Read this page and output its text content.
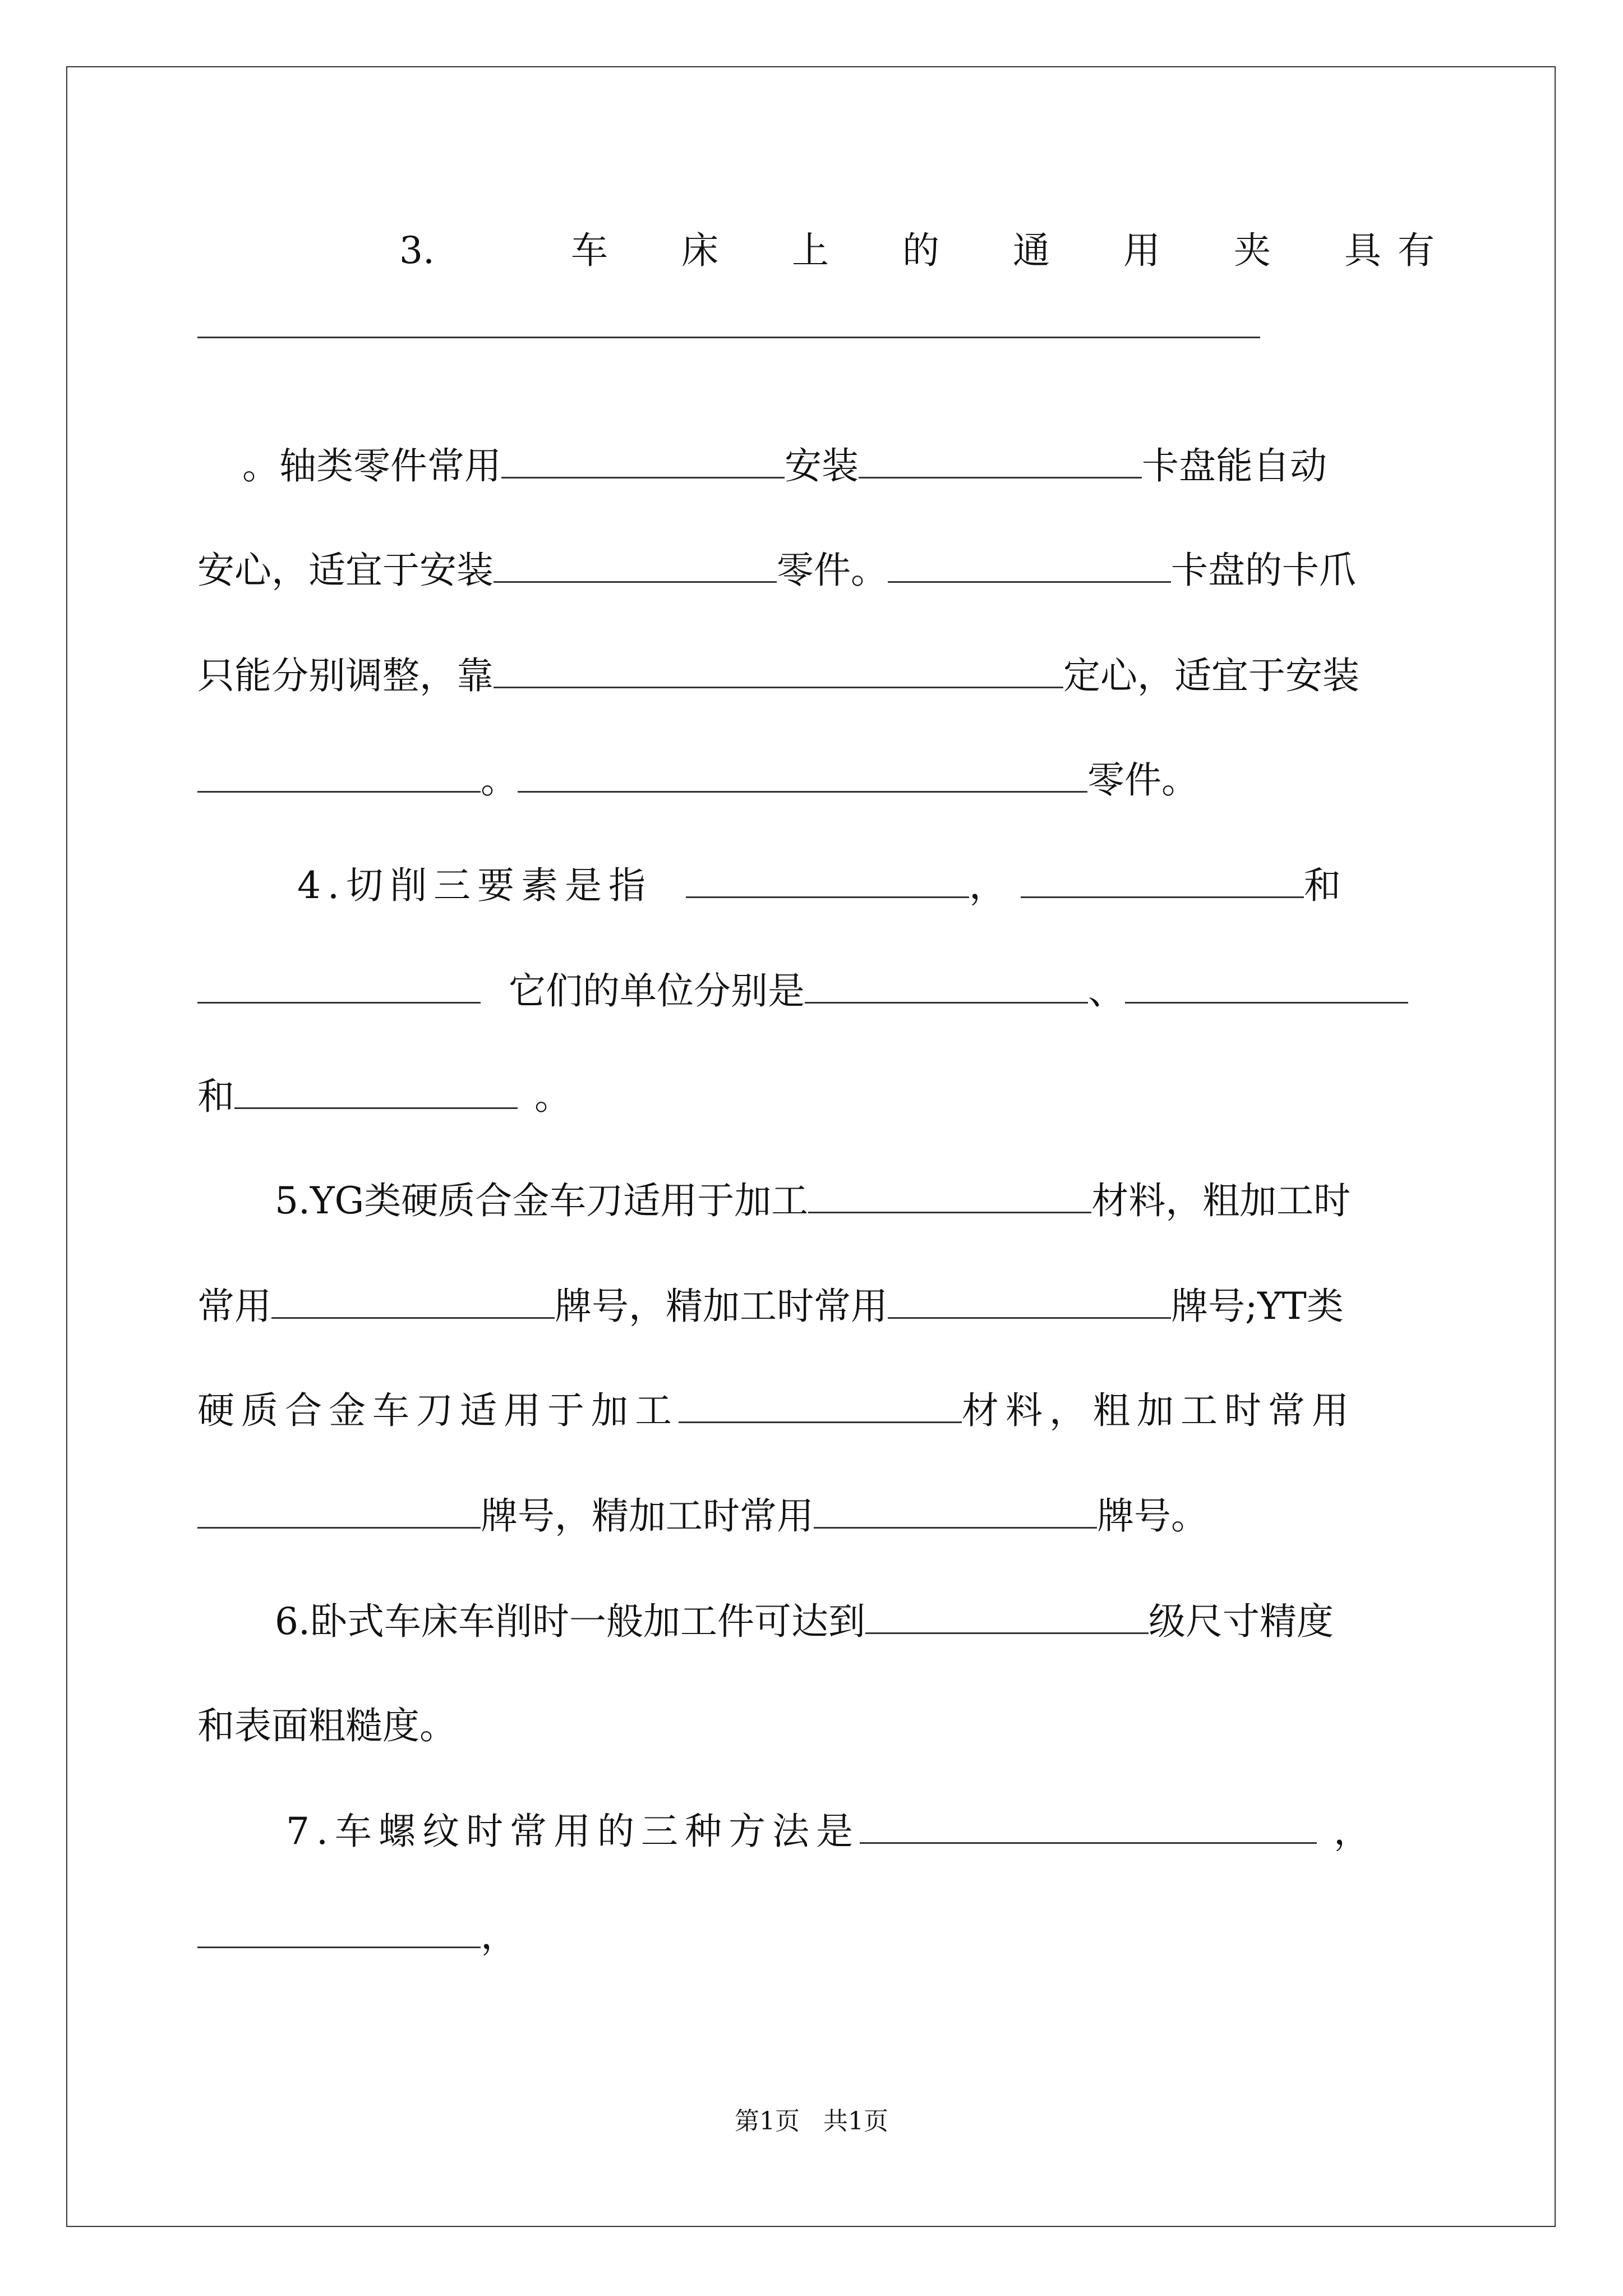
3.	车 床 上 的 通 用 夹 具 有
。轴类零件常用	安装	卡盘能自动
安心，适宜于安装	零件。	卡盘的卡爪
只能分别调整，靠	定心，适宜于安装
。	零件。
4.切削三要素是指	，	和
它们的单位分别是	、
和	。
5.YG类硬质合金车刀适用于加工	材料，粗加工时
常用	牌号，精加工时常用	牌号;YT类
硬质合金车刀适用于加工	材料，粗加工时常用
牌号，精加工时常用	牌号。
6.卧式车床车削时一般加工件可达到	级尺寸精度
和表面粗糙度。
7.车螺纹时常用的三种方法是	，
，
第1页   共1页
